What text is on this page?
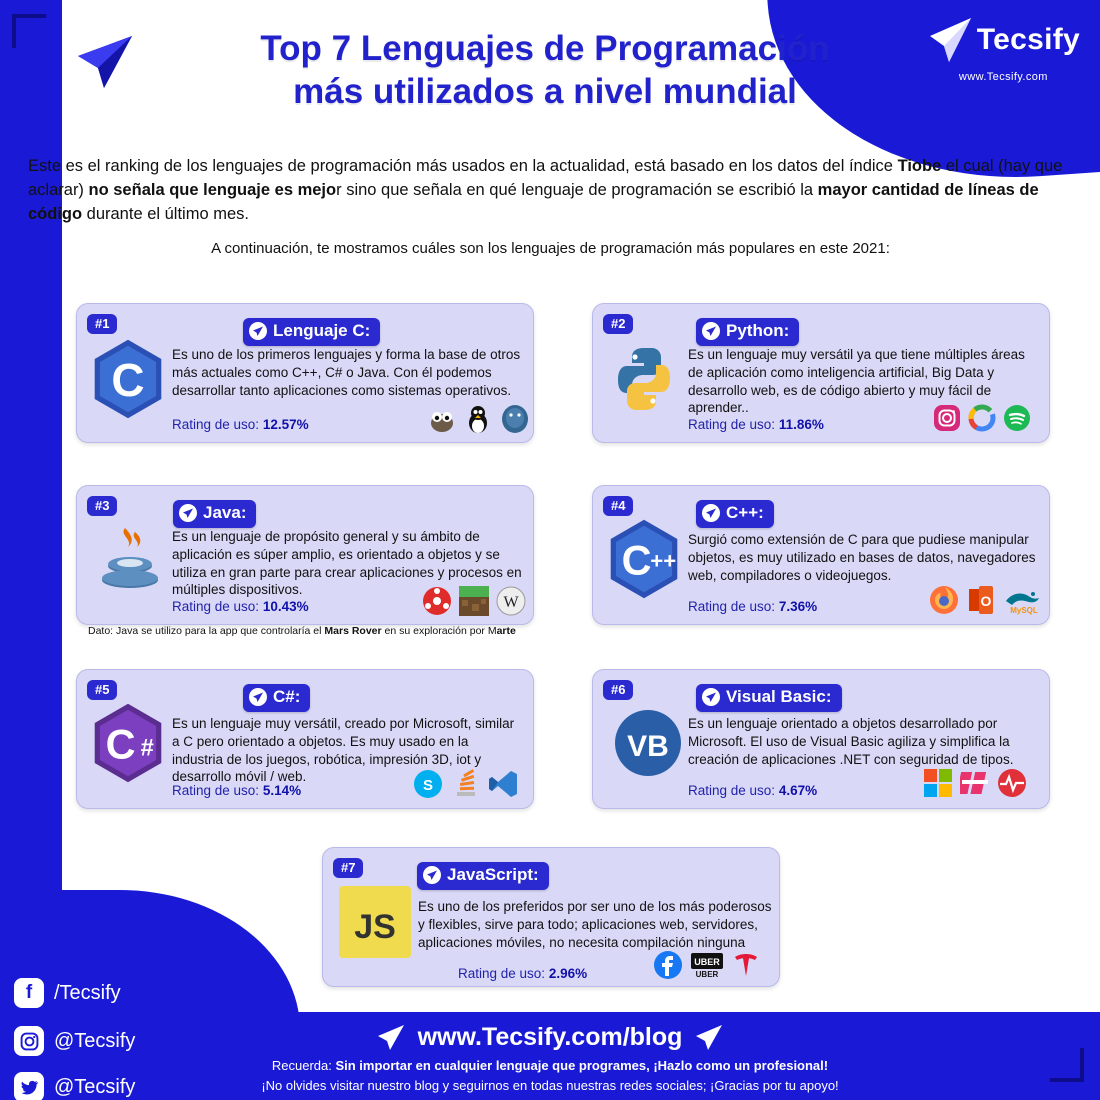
Tecsify
www.Tecsify.com
Top 7 Lenguajes de Programación
más utilizados a nivel mundial
Este es el ranking de los lenguajes de programación más usados en la actualidad, está basado en los datos del índice Tiobe el cual (hay que aclarar) no señala que lenguaje es mejor sino que señala en qué lenguaje de programación se escribió la mayor cantidad de líneas de código durante el último mes.
A continuación, te mostramos cuáles son los lenguajes de programación más populares en este 2021:
#1	Lenguaje C:
C Es uno de los primeros lenguajes y forma la base de otros más actuales como C++, C# o Java. Con él podemos desarrollar tanto aplicaciones como sistemas operativos.
Rating de uso: 12.57%
#2	Python:
Es un lenguaje muy versátil ya que tiene múltiples áreas de aplicación como inteligencia artificial, Big Data y desarrollo web, es de código abierto y muy fácil de aprender..
Rating de uso: 11.86%
#3	Java:
Es un lenguaje de propósito general y su ámbito de aplicación es súper amplio, es orientado a objetos y se utiliza en gran parte para crear aplicaciones y procesos en múltiples dispositivos.
Rating de uso: 10.43%	W
Dato: Java se utilizo para la app que controlaría el Mars Rover en su exploración por Marte
#4	C++:
C
++
Surgió como extensión de C para que pudiese manipular objetos, es muy utilizado en bases de datos, navegadores web, compiladores o videojuegos.
Rating de uso: 7.36%	O
MySQL
#5	C#:
C #
Es un lenguaje muy versátil, creado por Microsoft, similar a C pero orientado a objetos. Es muy usado en la industria de los juegos, robótica, impresión 3D, iot y desarrollo móvil / web.
Rating de uso: 5.14%	S
#6	Visual Basic:
VB
Es un lenguaje orientado a objetos desarrollado por Microsoft. El uso de Visual Basic agiliza y simplifica la creación de aplicaciones .NET con seguridad de tipos.
Rating de uso: 4.67%
#7	JavaScript:
JS
Es uno de los preferidos por ser uno de los más poderosos y flexibles, sirve para todo; aplicaciones web, servidores, aplicaciones móviles, no necesita compilación ninguna
Rating de uso: 2.96%
UBER
UBER
f	/Tecsify
@Tecsify
@Tecsify
www.Tecsify.com/blog
Recuerda: Sin importar en cualquier lenguaje que programes, ¡Hazlo como un profesional!
¡No olvides visitar nuestro blog y seguirnos en todas nuestras redes sociales; ¡Gracias por tu apoyo!
